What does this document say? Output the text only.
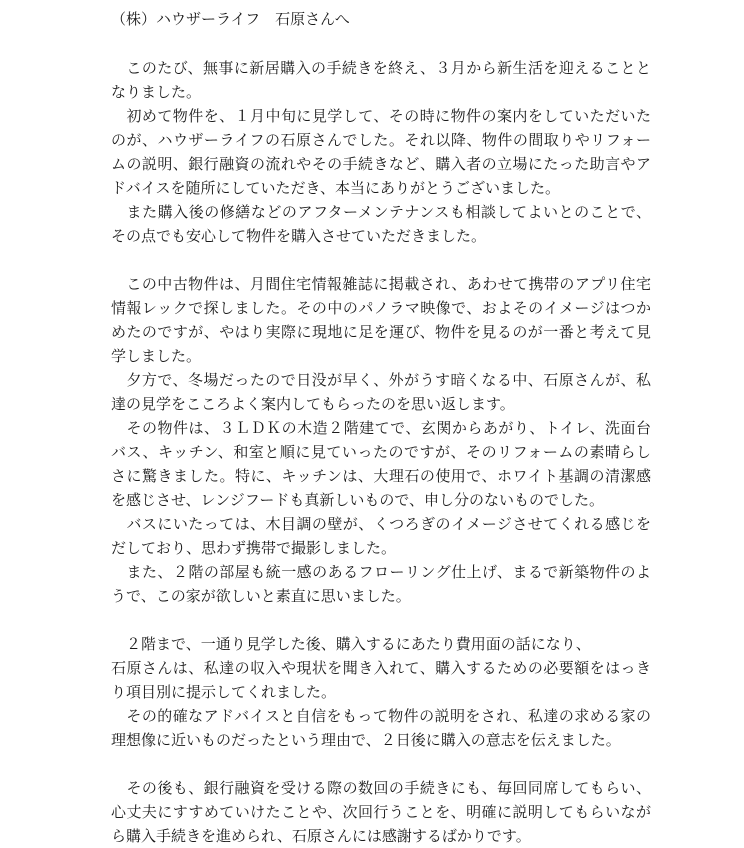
（株）ハウザーライフ　石原さんへ
　このたび、無事に新居購入の手続きを終え、３月から新生活を迎えることと
なりました。
　初めて物件を、１月中旬に見学して、その時に物件の案内をしていただいた
のが、ハウザーライフの石原さんでした。それ以降、物件の間取りやリフォー
ムの説明、銀行融資の流れやその手続きなど、購入者の立場にたった助言やア
ドバイスを随所にしていただき、本当にありがとうございました。
　また購入後の修繕などのアフターメンテナンスも相談してよいとのことで、
その点でも安心して物件を購入させていただきました。
　この中古物件は、月間住宅情報雑誌に掲載され、あわせて携帯のアプリ住宅
情報レックで探しました。その中のパノラマ映像で、およそのイメージはつか
めたのですが、やはり実際に現地に足を運び、物件を見るのが一番と考えて見
学しました。
　夕方で、冬場だったので日没が早く、外がうす暗くなる中、石原さんが、私
達の見学をこころよく案内してもらったのを思い返します。
　その物件は、３ＬＤＫの木造２階建てで、玄関からあがり、トイレ、洗面台
バス、キッチン、和室と順に見ていったのですが、そのリフォームの素晴らし
さに驚きました。特に、キッチンは、大理石の使用で、ホワイト基調の清潔感
を感じさせ、レンジフードも真新しいもので、申し分のないものでした。
　バスにいたっては、木目調の壁が、くつろぎのイメージさせてくれる感じを
だしており、思わず携帯で撮影しました。
　また、２階の部屋も統一感のあるフローリング仕上げ、まるで新築物件のよ
うで、この家が欲しいと素直に思いました。
　２階まで、一通り見学した後、購入するにあたり費用面の話になり、
石原さんは、私達の収入や現状を聞き入れて、購入するための必要額をはっき
り項目別に提示してくれました。
　その的確なアドバイスと自信をもって物件の説明をされ、私達の求める家の
理想像に近いものだったという理由で、２日後に購入の意志を伝えました。
　その後も、銀行融資を受ける際の数回の手続きにも、毎回同席してもらい、
心丈夫にすすめていけたことや、次回行うことを、明確に説明してもらいなが
ら購入手続きを進められ、石原さんには感謝するばかりです。
